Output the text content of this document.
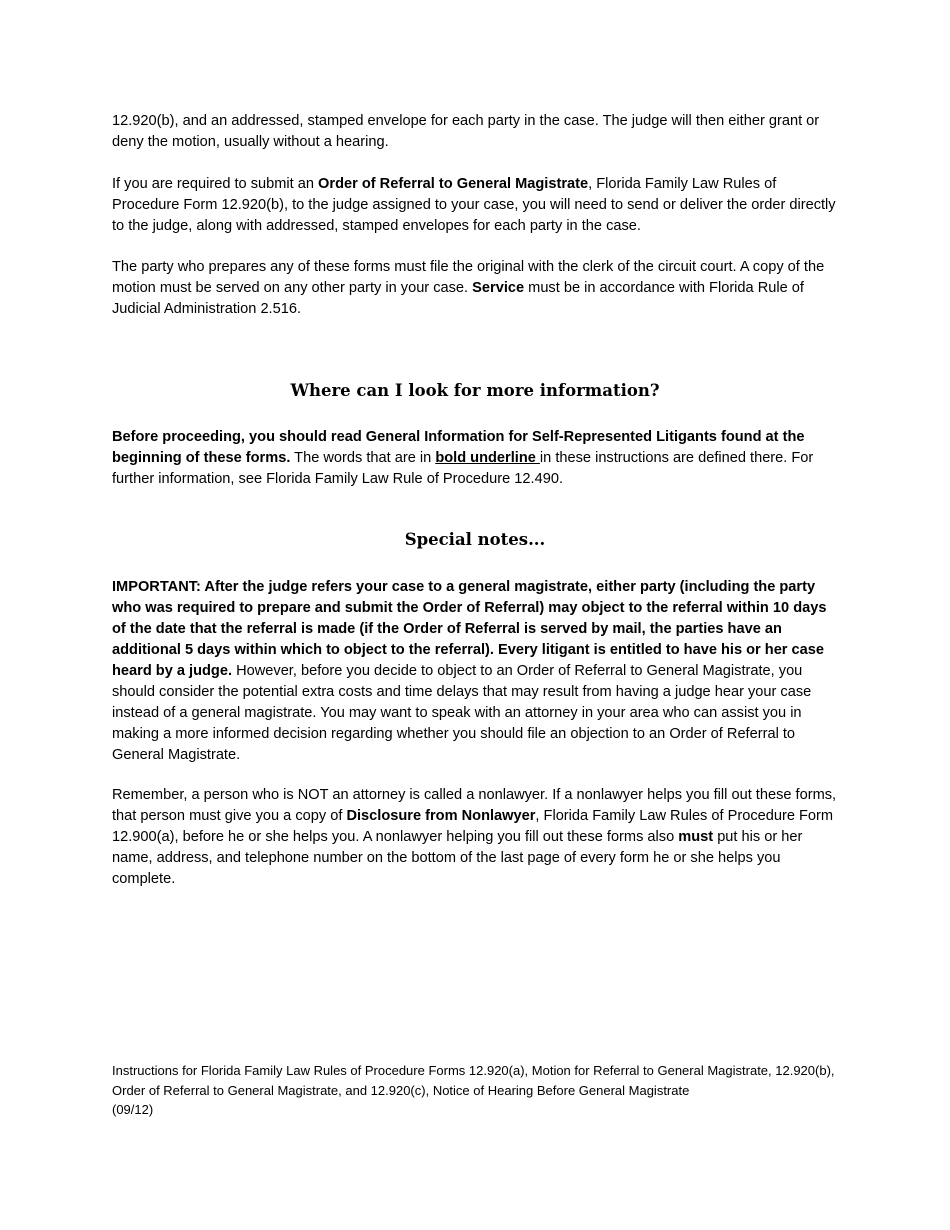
12.920(b), and an addressed, stamped envelope for each party in the case. The judge will then either grant or deny the motion, usually without a hearing.

If you are required to submit an Order of Referral to General Magistrate, Florida Family Law Rules of Procedure Form 12.920(b), to the judge assigned to your case, you will need to send or deliver the order directly to the judge, along with addressed, stamped envelopes for each party in the case.

The party who prepares any of these forms must file the original with the clerk of the circuit court. A copy of the motion must be served on any other party in your case. Service must be in accordance with Florida Rule of Judicial Administration 2.516.

Where can I look for more information?

Before proceeding, you should read General Information for Self-Represented Litigants found at the beginning of these forms. The words that are in bold underline in these instructions are defined there. For further information, see Florida Family Law Rule of Procedure 12.490.

Special notes...

IMPORTANT: After the judge refers your case to a general magistrate, either party (including the party who was required to prepare and submit the Order of Referral) may object to the referral within 10 days of the date that the referral is made (if the Order of Referral is served by mail, the parties have an additional 5 days within which to object to the referral). Every litigant is entitled to have his or her case heard by a judge. However, before you decide to object to an Order of Referral to General Magistrate, you should consider the potential extra costs and time delays that may result from having a judge hear your case instead of a general magistrate. You may want to speak with an attorney in your area who can assist you in making a more informed decision regarding whether you should file an objection to an Order of Referral to General Magistrate.

Remember, a person who is NOT an attorney is called a nonlawyer. If a nonlawyer helps you fill out these forms, that person must give you a copy of Disclosure from Nonlawyer, Florida Family Law Rules of Procedure Form 12.900(a), before he or she helps you. A nonlawyer helping you fill out these forms also must put his or her name, address, and telephone number on the bottom of the last page of every form he or she helps you complete.

Instructions for Florida Family Law Rules of Procedure Forms 12.920(a), Motion for Referral to General Magistrate, 12.920(b), Order of Referral to General Magistrate, and 12.920(c), Notice of Hearing Before General Magistrate
(09/12)
